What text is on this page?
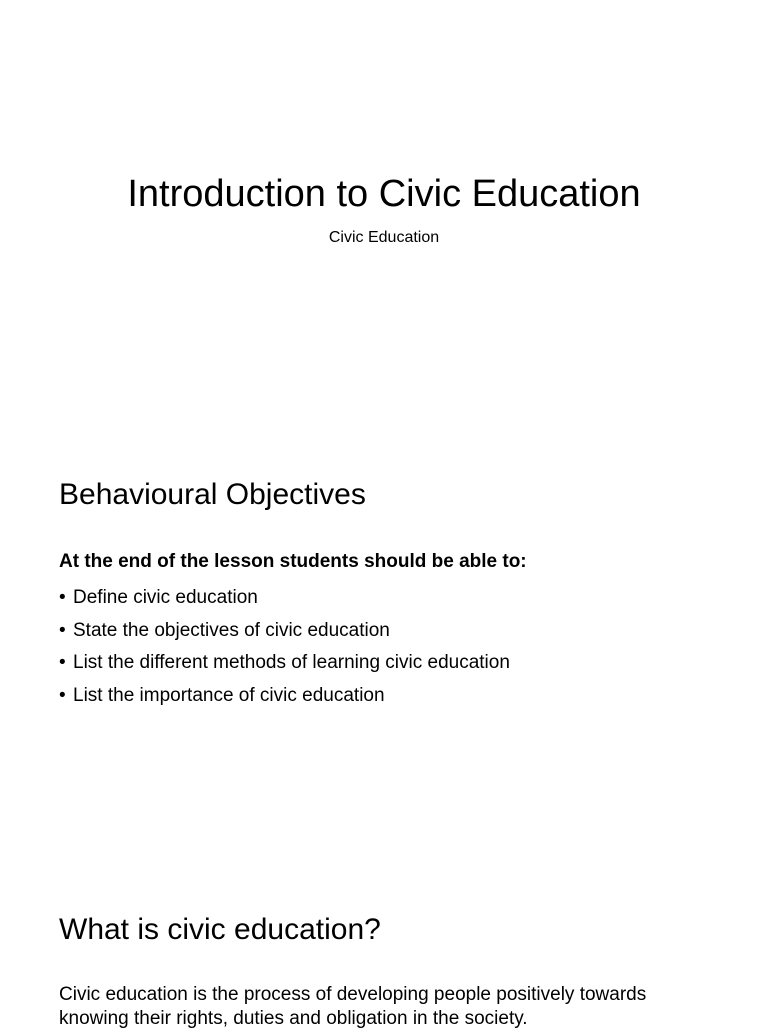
Introduction to Civic Education

Civic Education

Behavioural Objectives

At the end of the lesson students should be able to:

• Define civic education
• State the objectives of civic education
• List the different methods of learning civic education
• List the importance of civic education
What is civic education?

Civic education is the process of developing people positively towards knowing their rights, duties and obligation in the society.
